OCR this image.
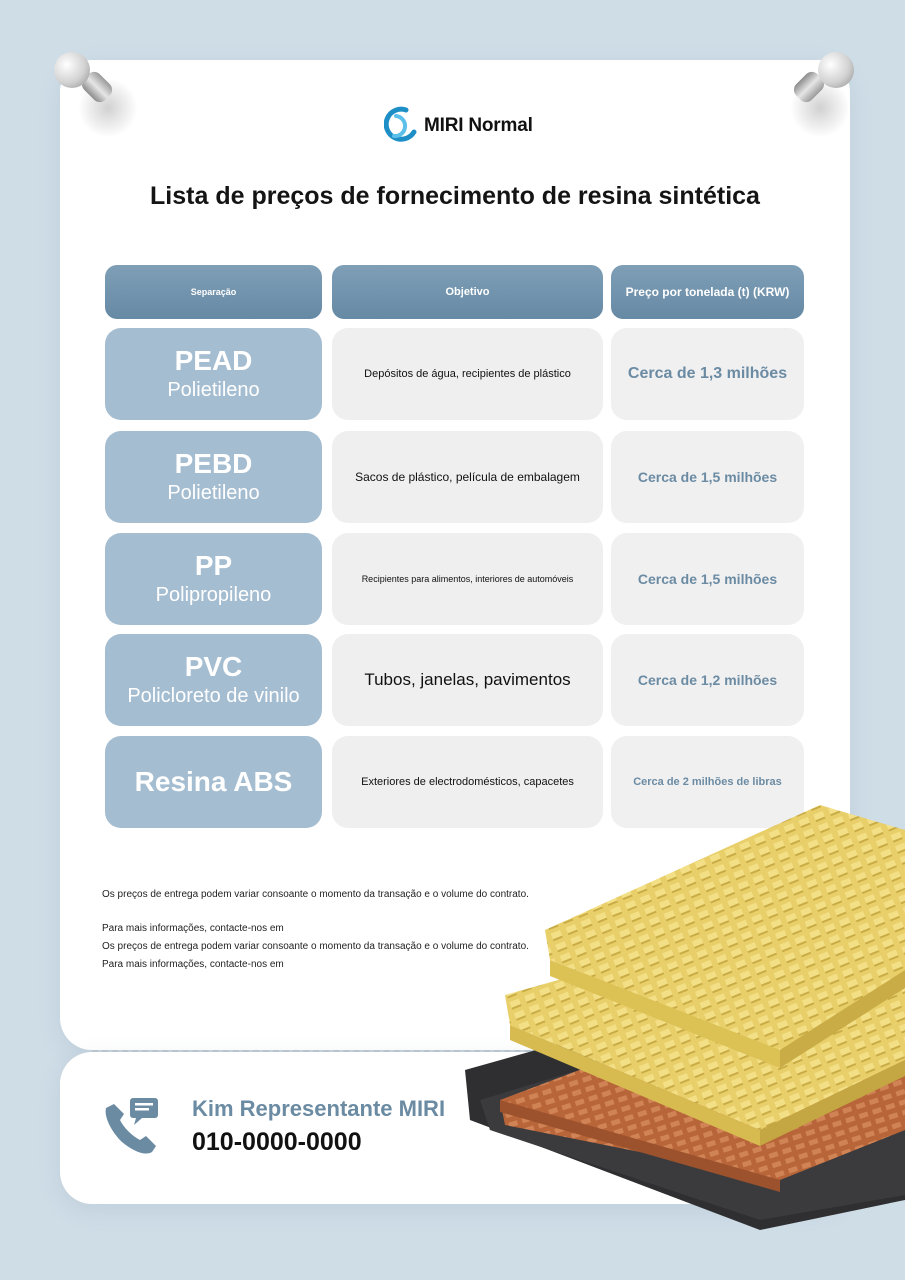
MIRI Normal
Lista de preços de fornecimento de resina sintética
Separação	Objetivo	Preço por tonelada (t) (KRW)
PEAD
Polietileno
Depósitos de água, recipientes de plástico	Cerca de 1,3 milhões
PEBD
Polietileno
Sacos de plástico, película de embalagem	Cerca de 1,5 milhões
PP
Polipropileno
Recipientes para alimentos, interiores de automóveis	Cerca de 1,5 milhões
PVC
Policloreto de vinilo
Tubos, janelas, pavimentos	Cerca de 1,2 milhões
Resina ABS	Exteriores de electrodomésticos, capacetes	Cerca de 2 milhões de libras
Os preços de entrega podem variar consoante o momento da transação e o volume do contrato.
Para mais informações, contacte-nos em
Os preços de entrega podem variar consoante o momento da transação e o volume do contrato.
Para mais informações, contacte-nos em
Kim Representante MIRI
010-0000-0000
